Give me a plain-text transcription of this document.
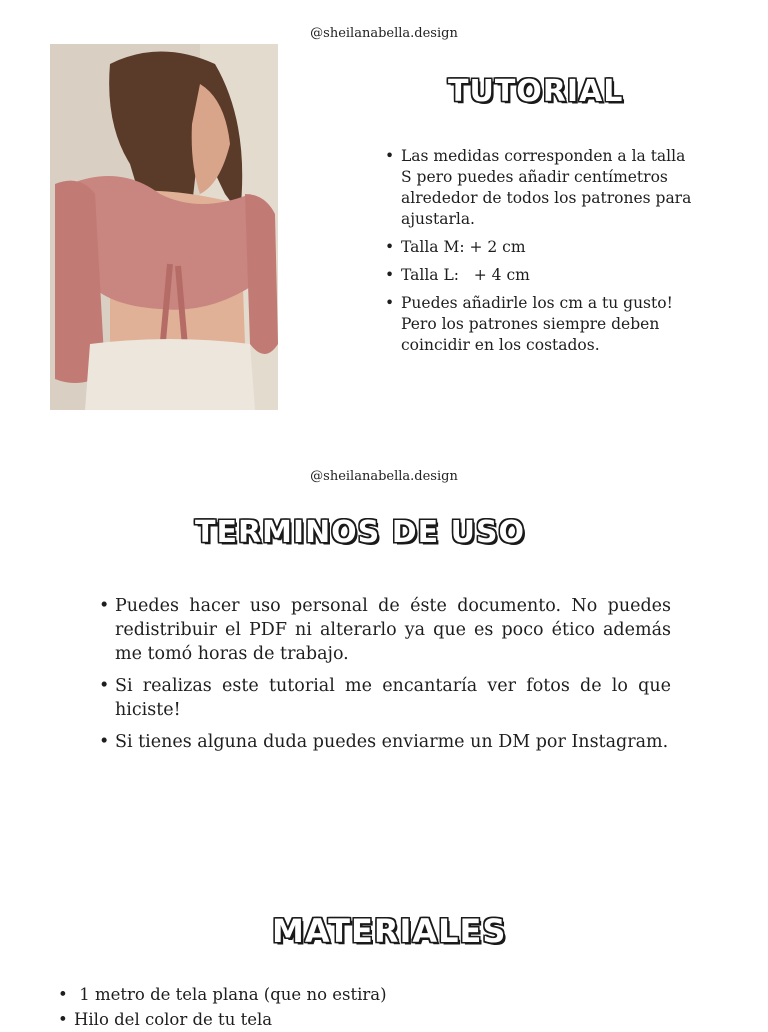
@sheilanabella.design
TUTORIAL
• Las medidas corresponden a la talla S pero puedes añadir centímetros alrededor de todos los patrones para ajustarla.
• Talla M: + 2 cm
• Talla L:   + 4 cm
• Puedes añadirle los cm a tu gusto! Pero los patrones siempre deben coincidir en los costados.
@sheilanabella.design
TERMINOS DE USO
• Puedes hacer uso personal de éste documento. No puedes redistribuir el PDF ni alterarlo ya que es poco ético además me tomó horas de trabajo.
• Si realizas este tutorial me encantaría ver fotos de lo que hiciste!
• Si tienes alguna duda puedes enviarme un DM por Instagram.
MATERIALES
•  1 metro de tela plana (que no estira)
• Hilo del color de tu tela
